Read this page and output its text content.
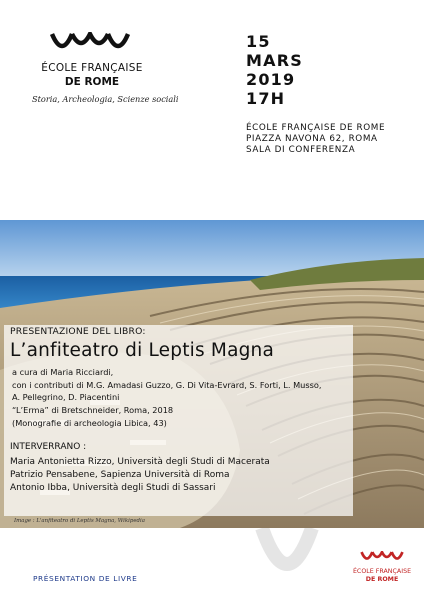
ÉCOLE FRANÇAISE
DE ROME
Storia, Archeologia, Scienze sociali
15
MARS
2019
17H
ÉCOLE FRANÇAISE DE ROME
PIAZZA NAVONA 62, ROMA
SALA DI CONFERENZA
PRESENTAZIONE DEL LIBRO:
L’anfiteatro di Leptis Magna
a cura di Maria Ricciardi,
con i contributi di M.G. Amadasi Guzzo, G. Di Vita-Evrard, S. Forti, L. Musso,
A. Pellegrino, D. Piacentini
“L’Erma” di Bretschneider, Roma, 2018
(Monografie di archeologia Libica, 43)
INTERVERRANO :
Maria Antonietta Rizzo, Università degli Studi di Macerata
Patrizio Pensabene, Sapienza Università di Roma
Antonio Ibba, Università degli Studi di Sassari
Image : L'anfiteatro di Leptis Magna, Wikipedia
PRÉSENTATION DE LIVRE
ÉCOLE FRANÇAISE
DE ROME
